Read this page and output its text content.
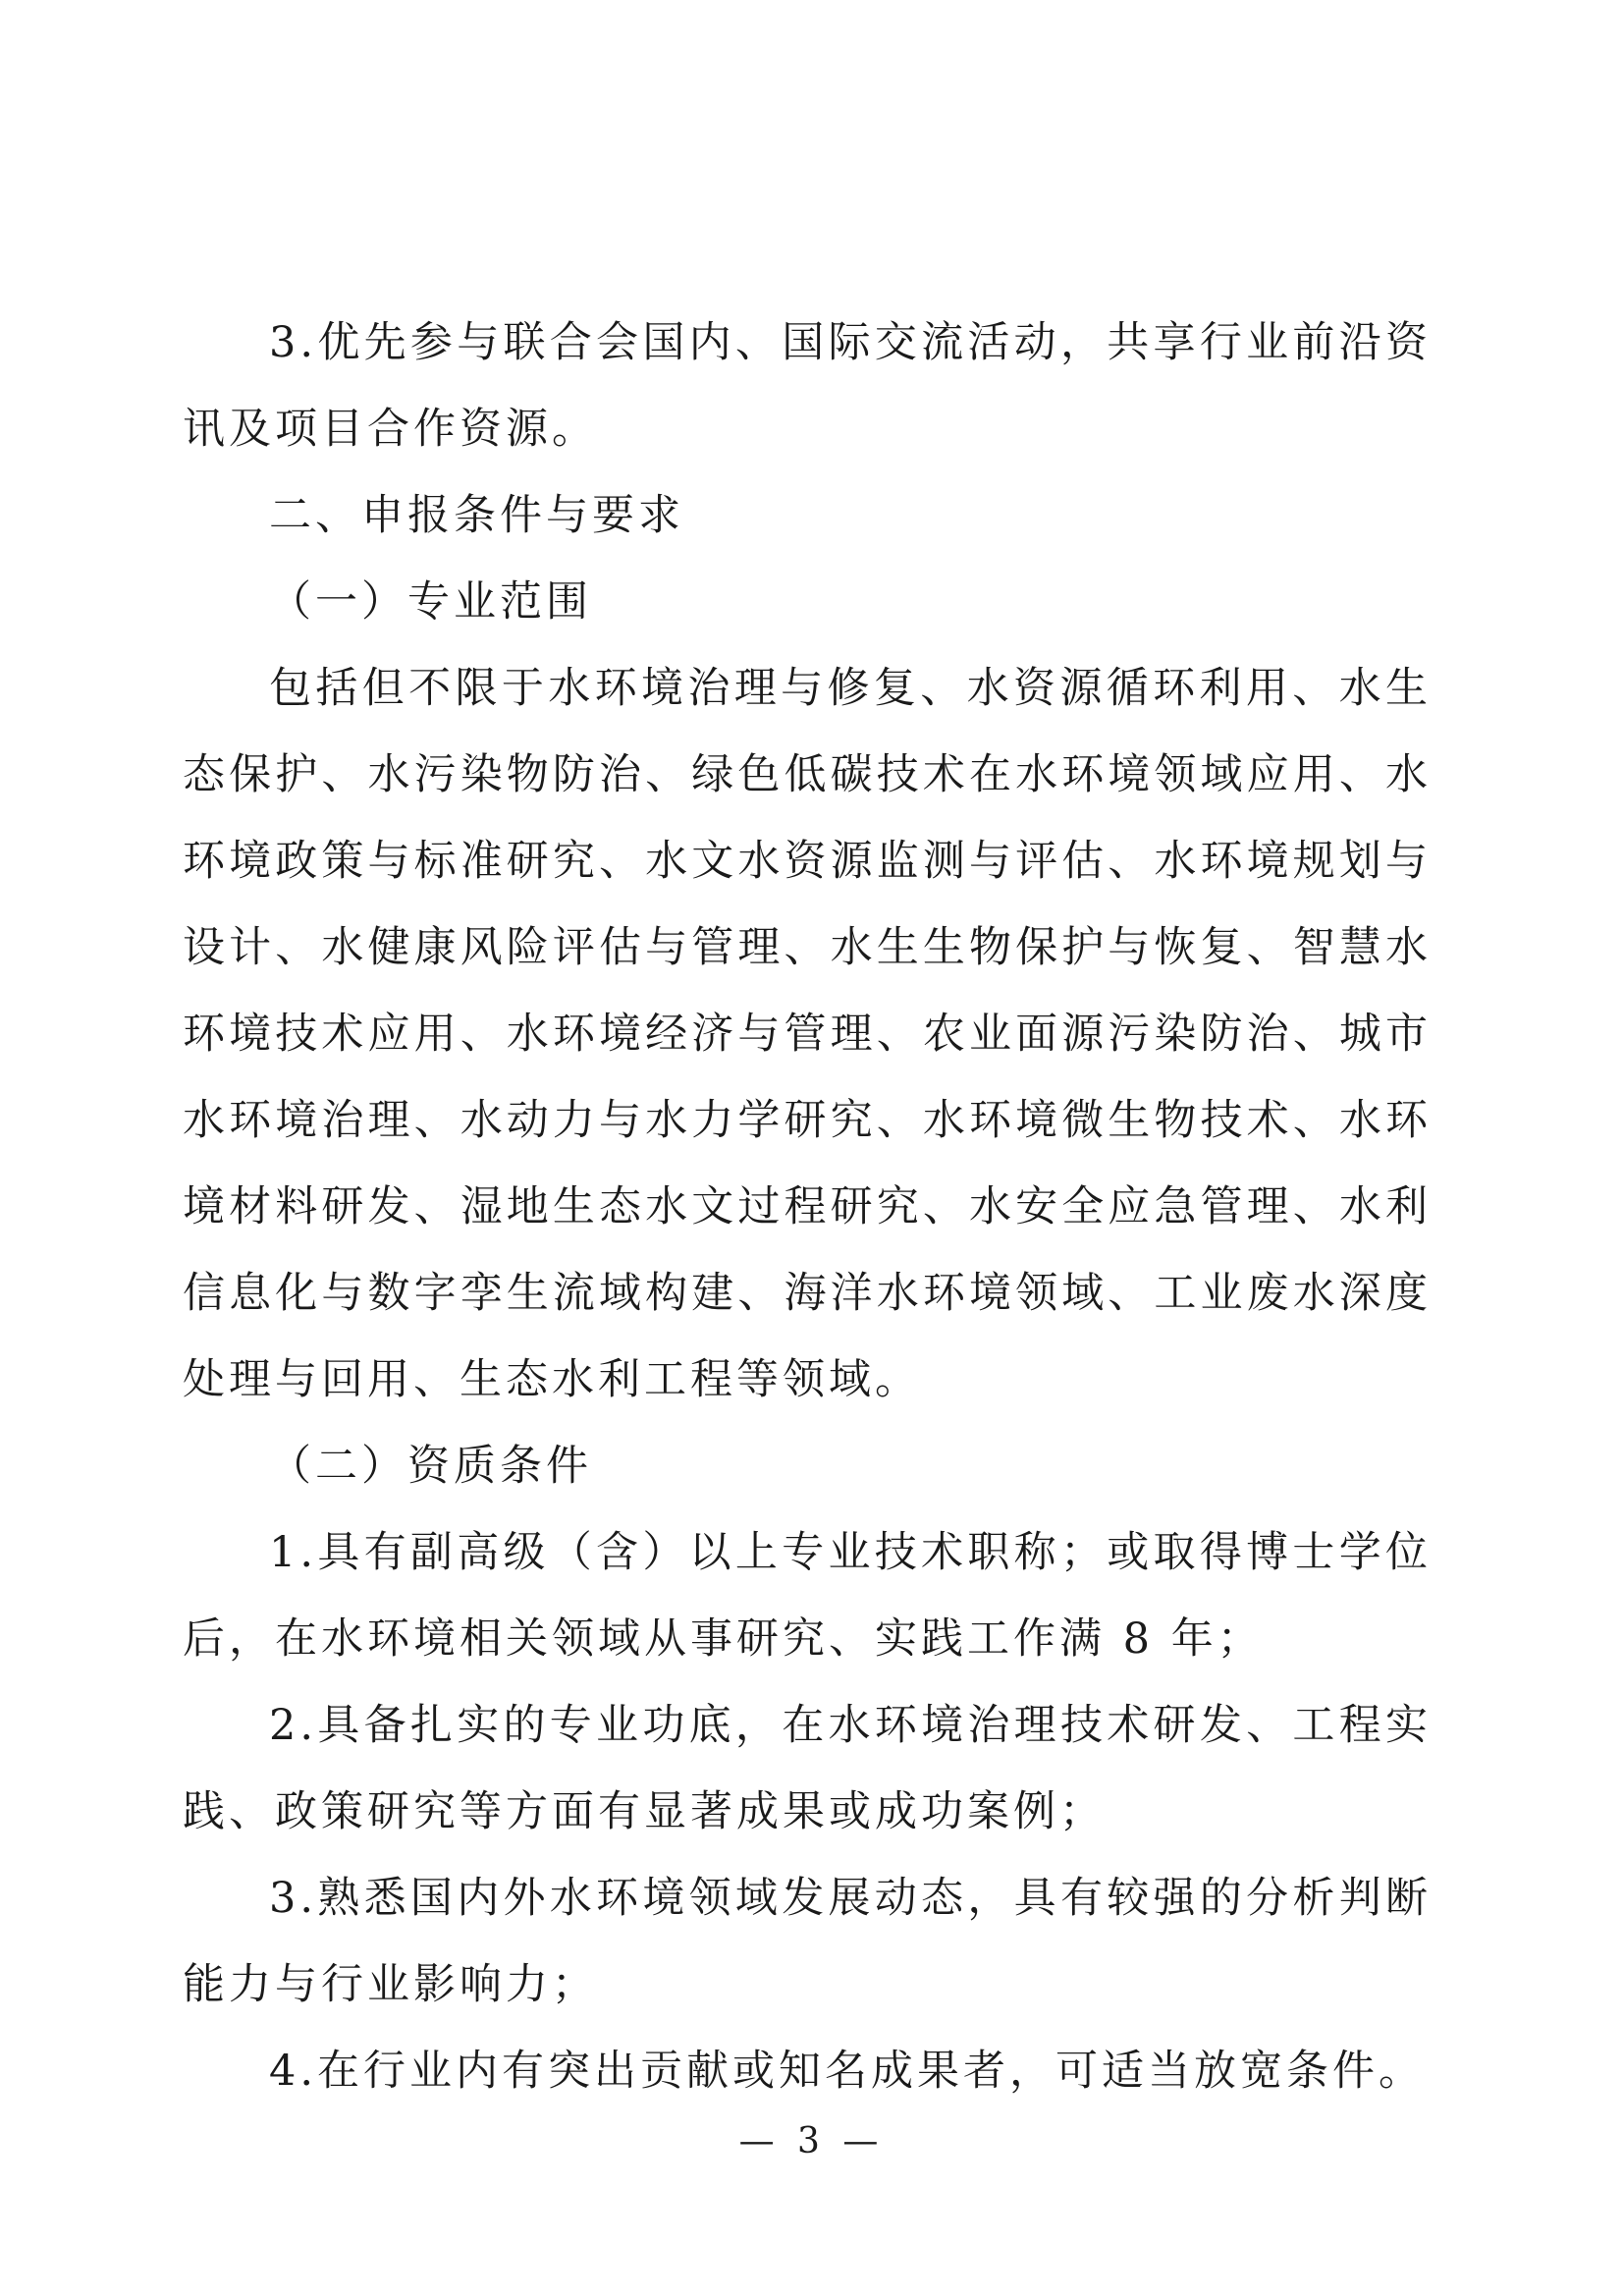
3.优先参与联合会国内、国际交流活动，共享行业前沿资讯及项目合作资源。

二、申报条件与要求

（一）专业范围

包括但不限于水环境治理与修复、水资源循环利用、水生态保护、水污染物防治、绿色低碳技术在水环境领域应用、水环境政策与标准研究、水文水资源监测与评估、水环境规划与设计、水健康风险评估与管理、水生生物保护与恢复、智慧水环境技术应用、水环境经济与管理、农业面源污染防治、城市水环境治理、水动力与水力学研究、水环境微生物技术、水环境材料研发、湿地生态水文过程研究、水安全应急管理、水利信息化与数字孪生流域构建、海洋水环境领域、工业废水深度处理与回用、生态水利工程等领域。

（二）资质条件

1.具有副高级（含）以上专业技术职称；或取得博士学位后，在水环境相关领域从事研究、实践工作满 8 年；

2.具备扎实的专业功底，在水环境治理技术研发、工程实践、政策研究等方面有显著成果或成功案例；

3.熟悉国内外水环境领域发展动态，具有较强的分析判断能力与行业影响力；

4.在行业内有突出贡献或知名成果者，可适当放宽条件。

— 3 —
